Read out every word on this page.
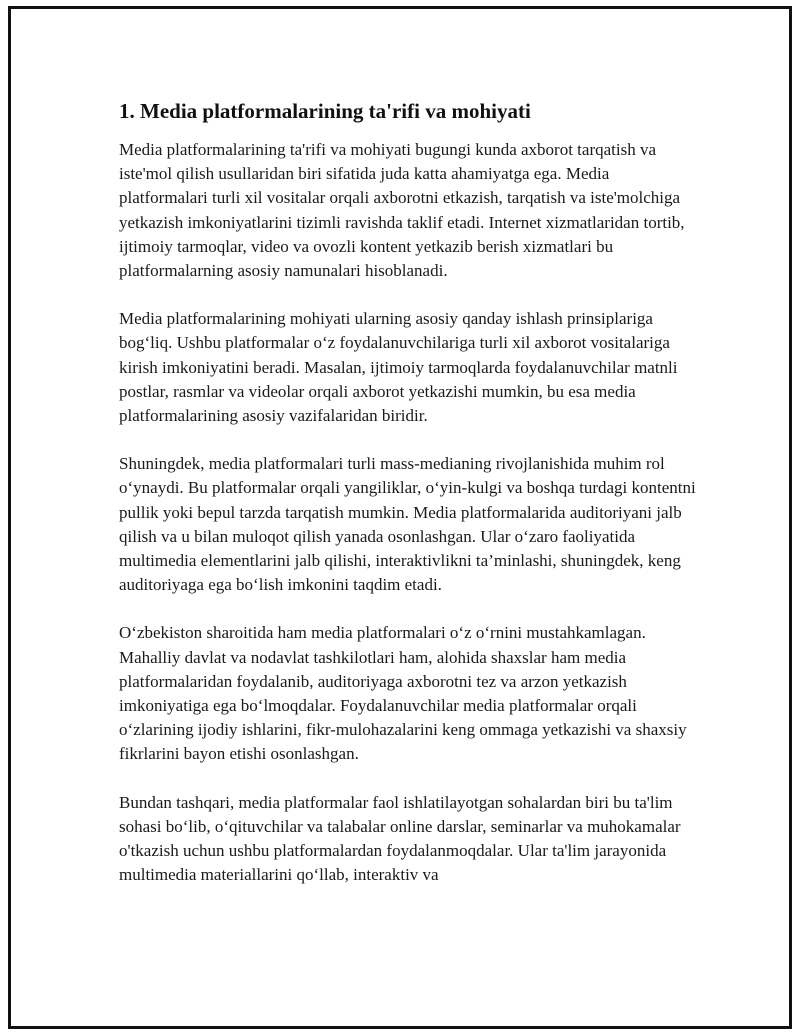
1. Media platformalarining ta'rifi va mohiyati

Media platformalarining ta'rifi va mohiyati bugungi kunda axborot tarqatish va iste'mol qilish usullaridan biri sifatida juda katta ahamiyatga ega. Media platformalari turli xil vositalar orqali axborotni etkazish, tarqatish va iste'molchiga yetkazish imkoniyatlarini tizimli ravishda taklif etadi. Internet xizmatlaridan tortib, ijtimoiy tarmoqlar, video va ovozli kontent yetkazib berish xizmatlari bu platformalarning asosiy namunalari hisoblanadi.

Media platformalarining mohiyati ularning asosiy qanday ishlash prinsiplariga bog‘liq. Ushbu platformalar o‘z foydalanuvchilariga turli xil axborot vositalariga kirish imkoniyatini beradi. Masalan, ijtimoiy tarmoqlarda foydalanuvchilar matnli postlar, rasmlar va videolar orqali axborot yetkazishi mumkin, bu esa media platformalarining asosiy vazifalaridan biridir.

Shuningdek, media platformalari turli mass-medianing rivojlanishida muhim rol o‘ynaydi. Bu platformalar orqali yangiliklar, o‘yin-kulgi va boshqa turdagi kontentni pullik yoki bepul tarzda tarqatish mumkin. Media platformalarida auditoriyani jalb qilish va u bilan muloqot qilish yanada osonlashgan. Ular o‘zaro faoliyatida multimedia elementlarini jalb qilishi, interaktivlikni ta’minlashi, shuningdek, keng auditoriyaga ega bo‘lish imkonini taqdim etadi.

O‘zbekiston sharoitida ham media platformalari o‘z o‘rnini mustahkamlagan. Mahalliy davlat va nodavlat tashkilotlari ham, alohida shaxslar ham media platformalaridan foydalanib, auditoriyaga axborotni tez va arzon yetkazish imkoniyatiga ega bo‘lmoqdalar. Foydalanuvchilar media platformalar orqali o‘zlarining ijodiy ishlarini, fikr-mulohazalarini keng ommaga yetkazishi va shaxsiy fikrlarini bayon etishi osonlashgan.

Bundan tashqari, media platformalar faol ishlatilayotgan sohalardan biri bu ta'lim sohasi bo‘lib, o‘qituvchilar va talabalar online darslar, seminarlar va muhokamalar o'tkazish uchun ushbu platformalardan foydalanmoqdalar. Ular ta'lim jarayonida multimedia materiallarini qo‘llab, interaktiv va
